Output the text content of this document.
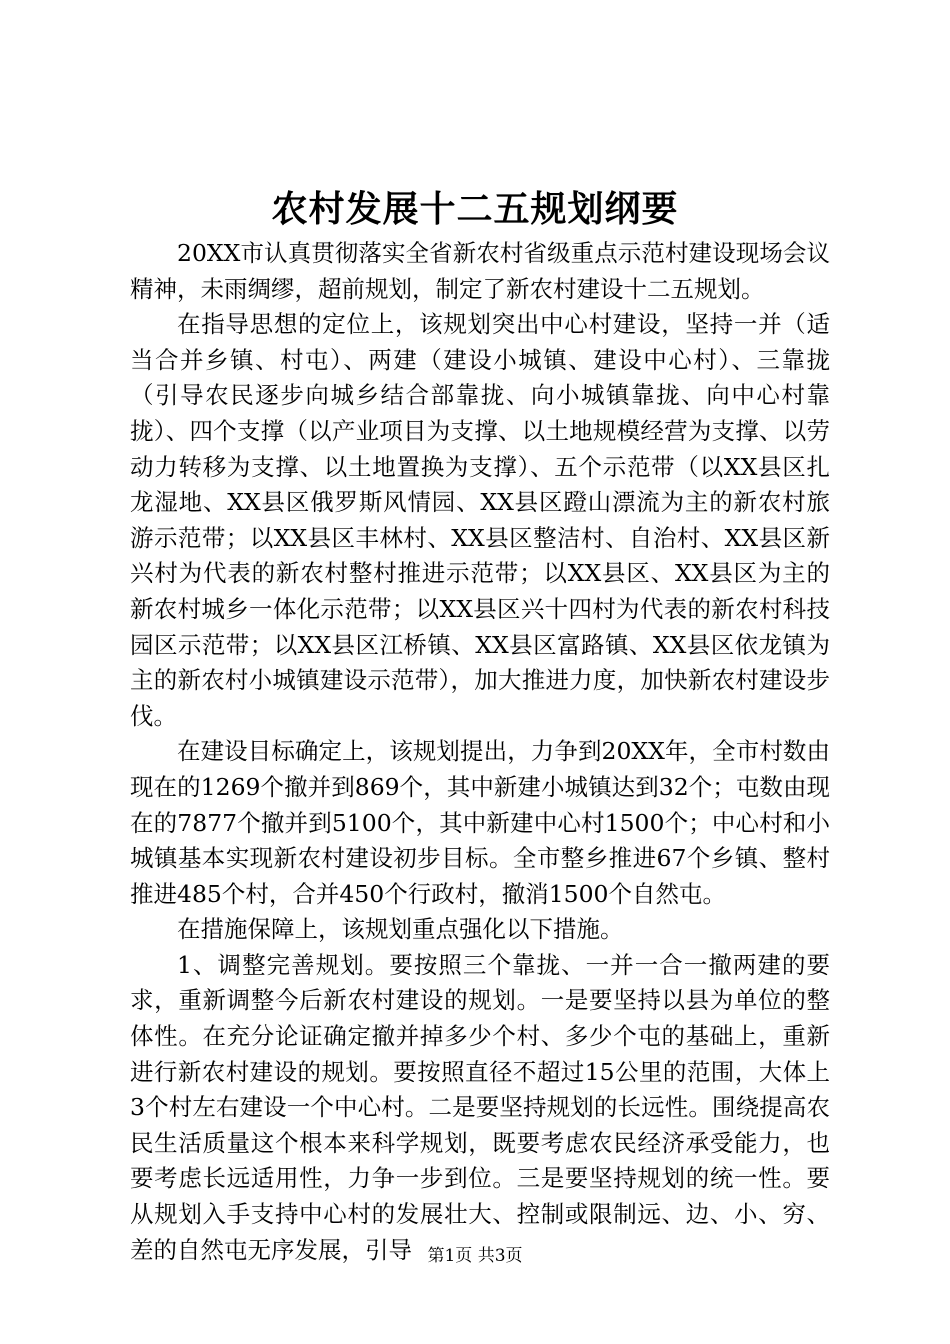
农村发展十二五规划纲要

20XX市认真贯彻落实全省新农村省级重点示范村建设现场会议精神，未雨绸缪，超前规划，制定了新农村建设十二五规划。

在指导思想的定位上，该规划突出中心村建设，坚持一并（适当合并乡镇、村屯）、两建（建设小城镇、建设中心村）、三靠拢（引导农民逐步向城乡结合部靠拢、向小城镇靠拢、向中心村靠拢）、四个支撑（以产业项目为支撑、以土地规模经营为支撑、以劳动力转移为支撑、以土地置换为支撑）、五个示范带（以XX县区扎龙湿地、XX县区俄罗斯风情园、XX县区蹬山漂流为主的新农村旅游示范带；以XX县区丰林村、XX县区整洁村、自治村、XX县区新兴村为代表的新农村整村推进示范带；以XX县区、XX县区为主的新农村城乡一体化示范带；以XX县区兴十四村为代表的新农村科技园区示范带；以XX县区江桥镇、XX县区富路镇、XX县区依龙镇为主的新农村小城镇建设示范带），加大推进力度，加快新农村建设步伐。

在建设目标确定上，该规划提出，力争到20XX年，全市村数由现在的1269个撤并到869个，其中新建小城镇达到32个；屯数由现在的7877个撤并到5100个，其中新建中心村1500个；中心村和小城镇基本实现新农村建设初步目标。全市整乡推进67个乡镇、整村推进485个村，合并450个行政村，撤消1500个自然屯。

在措施保障上，该规划重点强化以下措施。

1、调整完善规划。要按照三个靠拢、一并一合一撤两建的要求，重新调整今后新农村建设的规划。一是要坚持以县为单位的整体性。在充分论证确定撤并掉多少个村、多少个屯的基础上，重新进行新农村建设的规划。要按照直径不超过15公里的范围，大体上3个村左右建设一个中心村。二是要坚持规划的长远性。围绕提高农民生活质量这个根本来科学规划，既要考虑农民经济承受能力，也要考虑长远适用性，力争一步到位。三是要坚持规划的统一性。要从规划入手支持中心村的发展壮大、控制或限制远、边、小、穷、差的自然屯无序发展，引导 第1页 共3页
